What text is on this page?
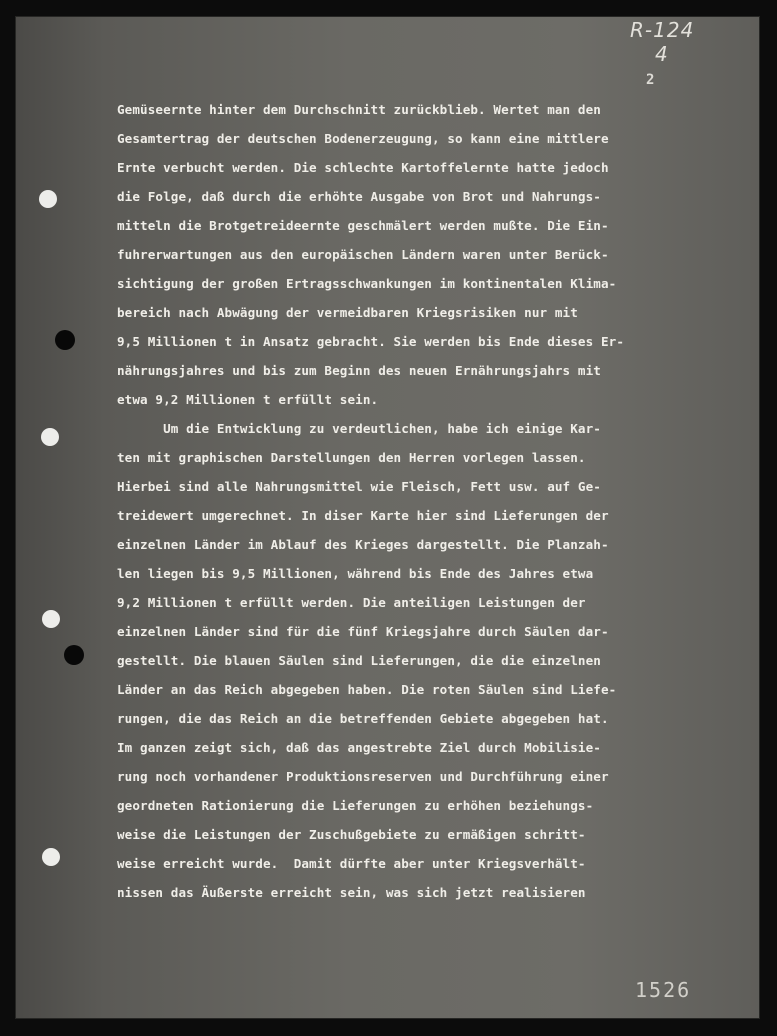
R-124
4
2
Gemüseernte hinter dem Durchschnitt zurückblieb. Wertet man den
Gesamtertrag der deutschen Bodenerzeugung, so kann eine mittlere
Ernte verbucht werden. Die schlechte Kartoffelernte hatte jedoch
die Folge, daß durch die erhöhte Ausgabe von Brot und Nahrungs-
mitteln die Brotgetreideernte geschmälert werden mußte. Die Ein-
fuhrerwartungen aus den europäischen Ländern waren unter Berück-
sichtigung der großen Ertragsschwankungen im kontinentalen Klima-
bereich nach Abwägung der vermeidbaren Kriegsrisiken nur mit
9,5 Millionen t in Ansatz gebracht. Sie werden bis Ende dieses Er-
nährungsjahres und bis zum Beginn des neuen Ernährungsjahrs mit
etwa 9,2 Millionen t erfüllt sein.
Um die Entwicklung zu verdeutlichen, habe ich einige Kar-
ten mit graphischen Darstellungen den Herren vorlegen lassen.
Hierbei sind alle Nahrungsmittel wie Fleisch, Fett usw. auf Ge-
treidewert umgerechnet. In diser Karte hier sind Lieferungen der
einzelnen Länder im Ablauf des Krieges dargestellt. Die Planzah-
len liegen bis 9,5 Millionen, während bis Ende des Jahres etwa
9,2 Millionen t erfüllt werden. Die anteiligen Leistungen der
einzelnen Länder sind für die fünf Kriegsjahre durch Säulen dar-
gestellt. Die blauen Säulen sind Lieferungen, die die einzelnen
Länder an das Reich abgegeben haben. Die roten Säulen sind Liefe-
rungen, die das Reich an die betreffenden Gebiete abgegeben hat.
Im ganzen zeigt sich, daß das angestrebte Ziel durch Mobilisie-
rung noch vorhandener Produktionsreserven und Durchführung einer
geordneten Rationierung die Lieferungen zu erhöhen beziehungs-
weise die Leistungen der Zuschußgebiete zu ermäßigen schritt-
weise erreicht wurde.  Damit dürfte aber unter Kriegsverhält-
nissen das Äußerste erreicht sein, was sich jetzt realisieren
1526
